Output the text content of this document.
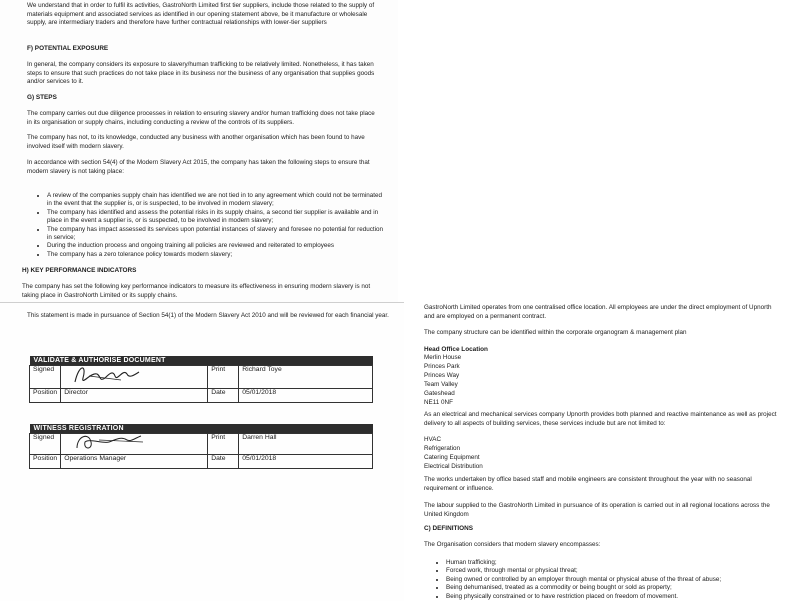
We understand that in order to fulfil its activities, GastroNorth Limited first tier suppliers, include those related to the supply of materials equipment and associated services as identified in our opening statement above, be it manufacture or wholesale supply, are intermediary traders and therefore have further contractual relationships with lower-tier suppliers

F) POTENTIAL EXPOSURE

In general, the company considers its exposure to slavery/human trafficking to be relatively limited. Nonetheless, it has taken steps to ensure that such practices do not take place in its business nor the business of any organisation that supplies goods and/or services to it.

G) STEPS

The company carries out due diligence processes in relation to ensuring slavery and/or human trafficking does not take place in its organisation or supply chains, including conducting a review of the controls of its suppliers.

The company has not, to its knowledge, conducted any business with another organisation which has been found to have involved itself with modern slavery.

In accordance with section 54(4) of the Modern Slavery Act 2015, the company has taken the following steps to ensure that modern slavery is not taking place:

• A review of the companies supply chain has identified we are not tied in to any agreement which could not be terminated in the event that the supplier is, or is suspected, to be involved in modern slavery;
• The company has identified and assess the potential risks in its supply chains, a second tier supplier is available and in place in the event a supplier is, or is suspected, to be involved in modern slavery;
• The company has impact assessed its services upon potential instances of slavery and foresee no potential for reduction in service;
• During the induction process and ongoing training all policies are reviewed and reiterated to employees
• The company has a zero tolerance policy towards modern slavery;

H) KEY PERFORMANCE INDICATORS

The company has set the following key performance indicators to measure its effectiveness in ensuring modern slavery is not taking place in GastroNorth Limited or its supply chains.

GastroNorth Limited operates from one centralised office location. All employees are under the direct employment of Upnorth and are employed on a permanent contract.

The company structure can be identified within the corporate organogram & management plan

Head Office Location

Merlin House
Princes Park
Princes Way
Team Valley
Gateshead
NE11 0NF

As an electrical and mechanical services company Upnorth provides both planned and reactive maintenance as well as project delivery to all aspects of building services, these services include but are not limited to:

HVAC
Refrigeration
Catering Equipment
Electrical Distribution

The works undertaken by office based staff and mobile engineers are consistent throughout the year with no seasonal requirement or influence.

The labour supplied to the GastroNorth Limited in pursuance of its operation is carried out in all regional locations across the United Kingdom

C) DEFINITIONS

The Organisation considers that modern slavery encompasses:

• Human trafficking;
• Forced work, through mental or physical threat;
• Being owned or controlled by an employer through mental or physical abuse of the threat of abuse;
• Being dehumanised, treated as a commodity or being bought or sold as property;
• Being physically constrained or to have restriction placed on freedom of movement.

This statement is made in pursuance of Section 54(1) of the Modern Slavery Act 2010 and will be reviewed for each financial year.

VALIDATE & AUTHORISE DOCUMENT			
Signed		Print	Richard Toye
Position	Director	Date	05/01/2018
WITNESS REGISTRATION			
Signed		Print	Darren Hall
Position	Operations Manager	Date	05/01/2018
